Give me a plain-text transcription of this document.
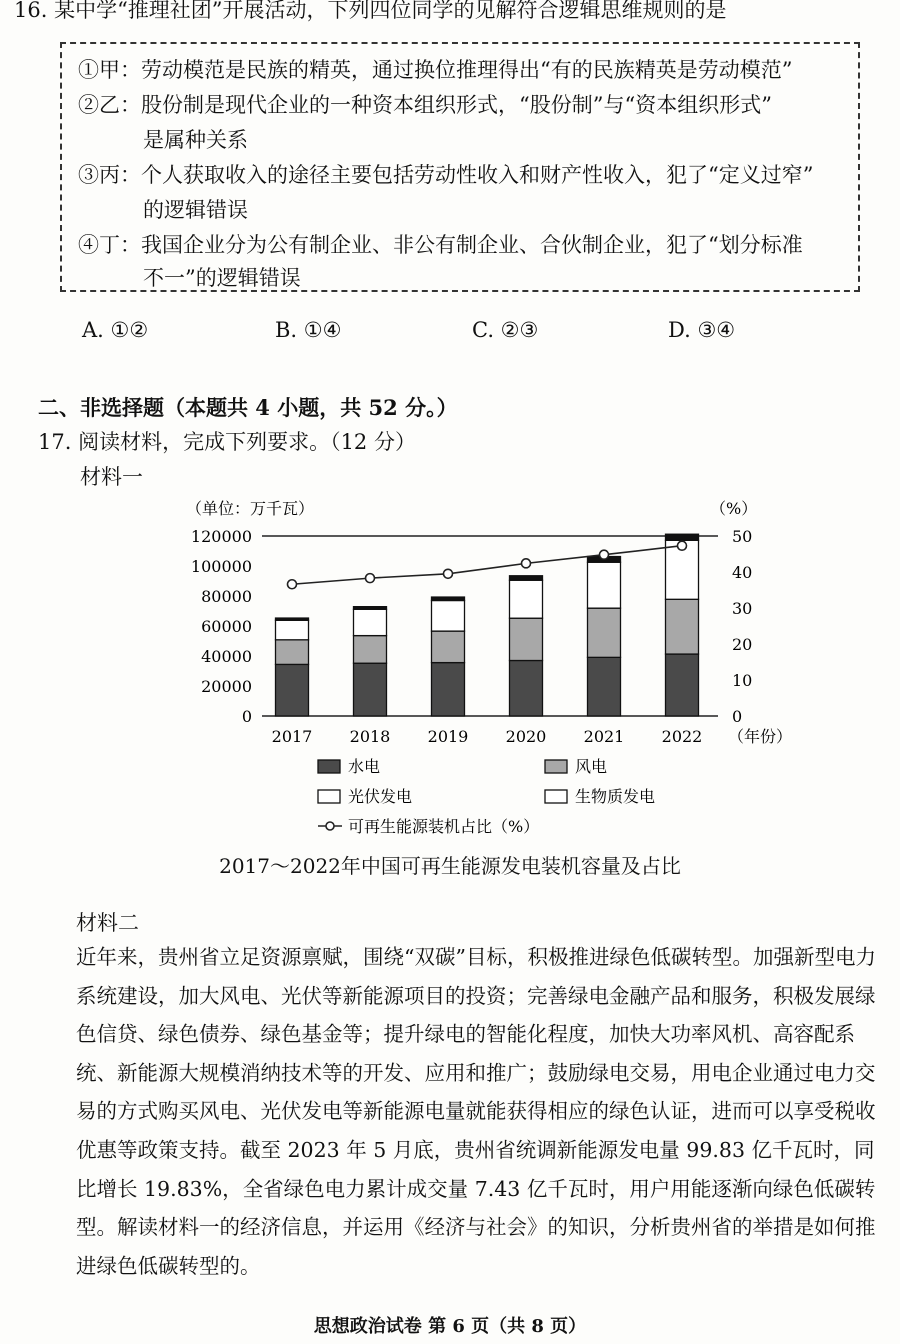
16. 某中学“推理社团”开展活动，下列四位同学的见解符合逻辑思维规则的是
①甲：劳动模范是民族的精英，通过换位推理得出“有的民族精英是劳动模范”
②乙：股份制是现代企业的一种资本组织形式，“股份制”与“资本组织形式”
是属种关系
③丙：个人获取收入的途径主要包括劳动性收入和财产性收入，犯了“定义过窄”
的逻辑错误
④丁：我国企业分为公有制企业、非公有制企业、合伙制企业，犯了“划分标准
不一”的逻辑错误
A. ①②	B. ①④	C. ②③	D. ③④
二、非选择题（本题共 4 小题，共 52 分。）
17. 阅读材料，完成下列要求。（12 分）
材料一
0
20000
40000
60000
80000
100000
120000
0
10
20
30
40
50
2017 2018 2019 2020 2021 2022
（单位：万千瓦）	（%）
（年份）
水电	风电
光伏发电	生物质发电
可再生能源装机占比（%）
2017～2022年中国可再生能源发电装机容量及占比
材料二

近年来，贵州省立足资源禀赋，围绕“双碳”目标，积极推进绿色低碳转型。加强新型电力系统建设，加大风电、光伏等新能源项目的投资；完善绿电金融产品和服务，积极发展绿色信贷、绿色债券、绿色基金等；提升绿电的智能化程度，加快大功率风机、高容配系统、新能源大规模消纳技术等的开发、应用和推广；鼓励绿电交易，用电企业通过电力交易的方式购买风电、光伏发电等新能源电量就能获得相应的绿色认证，进而可以享受税收优惠等政策支持。截至 2023 年 5 月底，贵州省统调新能源发电量 99.83 亿千瓦时，同比增长 19.83%，全省绿色电力累计成交量 7.43 亿千瓦时，用户用能逐渐向绿色低碳转型。 解读材料一的经济信息，并运用《经济与社会》的知识，分析贵州省的举措是如何推进绿色低碳转型的。

思想政治试卷 第 6 页（共 8 页）
